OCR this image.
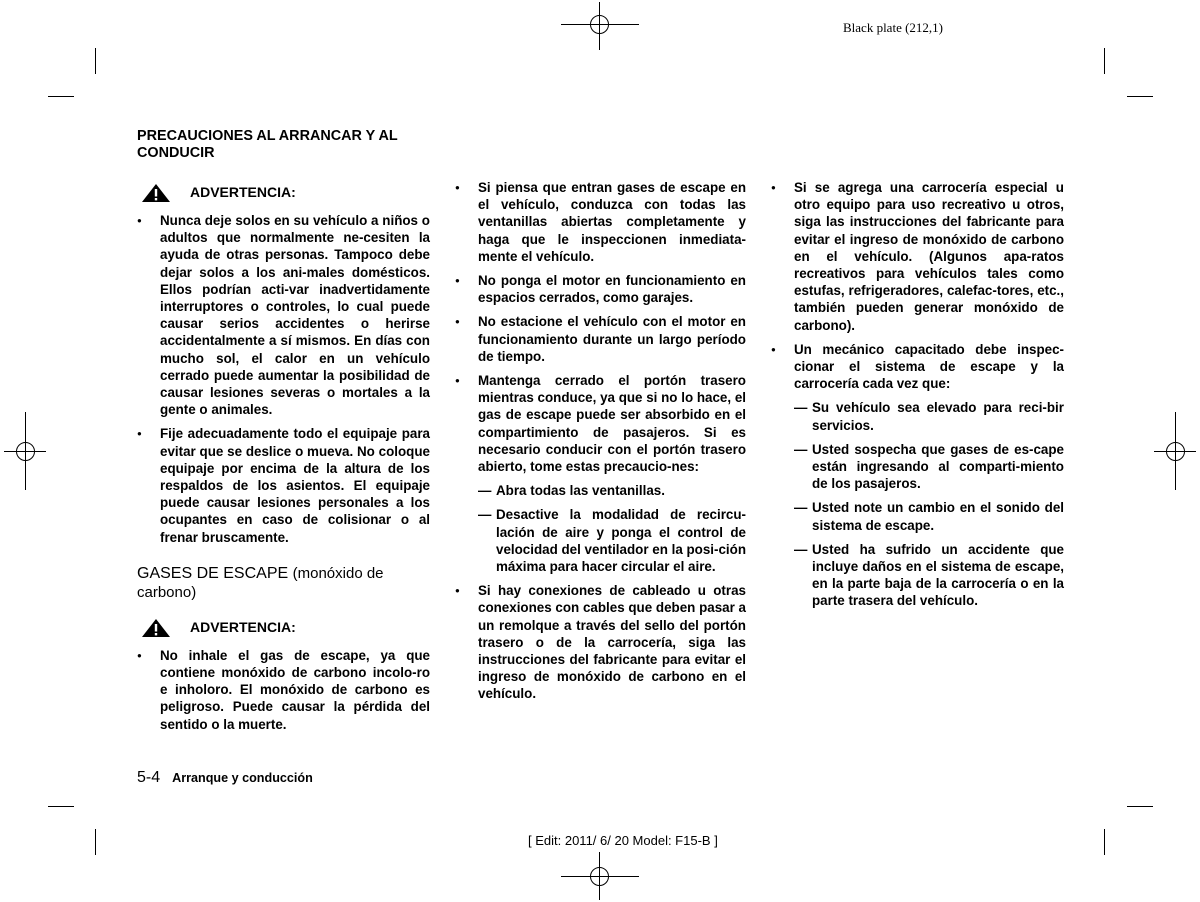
Black plate (212,1)
PRECAUCIONES AL ARRANCAR Y AL CONDUCIR
ADVERTENCIA:
● Nunca deje solos en su vehículo a niños o adultos que normalmente ne-cesiten la ayuda de otras personas. Tampoco debe dejar solos a los ani-males domésticos. Ellos podrían acti-var inadvertidamente interruptores o controles, lo cual puede causar serios accidentes o herirse accidentalmente a sí mismos. En días con mucho sol, el calor en un vehículo cerrado puede aumentar la posibilidad de causar lesiones severas o mortales a la gente o animales.
● Fije adecuadamente todo el equipaje para evitar que se deslice o mueva. No coloque equipaje por encima de la altura de los respaldos de los asientos. El equipaje puede causar lesiones personales a los ocupantes en caso de colisionar o al frenar bruscamente.
GASES DE ESCAPE (monóxido de carbono)
ADVERTENCIA:
● No inhale el gas de escape, ya que contiene monóxido de carbono incolo-ro e inholoro. El monóxido de carbono es peligroso. Puede causar la pérdida del sentido o la muerte.
● Si piensa que entran gases de escape en el vehículo, conduzca con todas las ventanillas abiertas completamente y haga que le inspeccionen inmediata-mente el vehículo.
● No ponga el motor en funcionamiento en espacios cerrados, como garajes.
● No estacione el vehículo con el motor en funcionamiento durante un largo período de tiempo.
● Mantenga cerrado el portón trasero mientras conduce, ya que si no lo hace, el gas de escape puede ser absorbido en el compartimiento de pasajeros. Si es necesario conducir con el portón trasero abierto, tome estas precaucio-nes:
— Abra todas las ventanillas.
— Desactive la modalidad de recircu-lación de aire y ponga el control de velocidad del ventilador en la posi-ción máxima para hacer circular el aire.
● Si hay conexiones de cableado u otras conexiones con cables que deben pasar a un remolque a través del sello del portón trasero o de la carrocería, siga las instrucciones del fabricante para evitar el ingreso de monóxido de carbono en el vehículo.
● Si se agrega una carrocería especial u otro equipo para uso recreativo u otros, siga las instrucciones del fabricante para evitar el ingreso de monóxido de carbono en el vehículo. (Algunos apa-ratos recreativos para vehículos tales como estufas, refrigeradores, calefac-tores, etc., también pueden generar monóxido de carbono).
● Un mecánico capacitado debe inspec-cionar el sistema de escape y la carrocería cada vez que:
— Su vehículo sea elevado para reci-bir servicios.
— Usted sospecha que gases de es-cape están ingresando al comparti-miento de los pasajeros.
— Usted note un cambio en el sonido del sistema de escape.
— Usted ha sufrido un accidente que incluye daños en el sistema de escape, en la parte baja de la carrocería o en la parte trasera del vehículo.
5-4 Arranque y conducción
[ Edit: 2011/ 6/ 20 Model: F15-B ]
